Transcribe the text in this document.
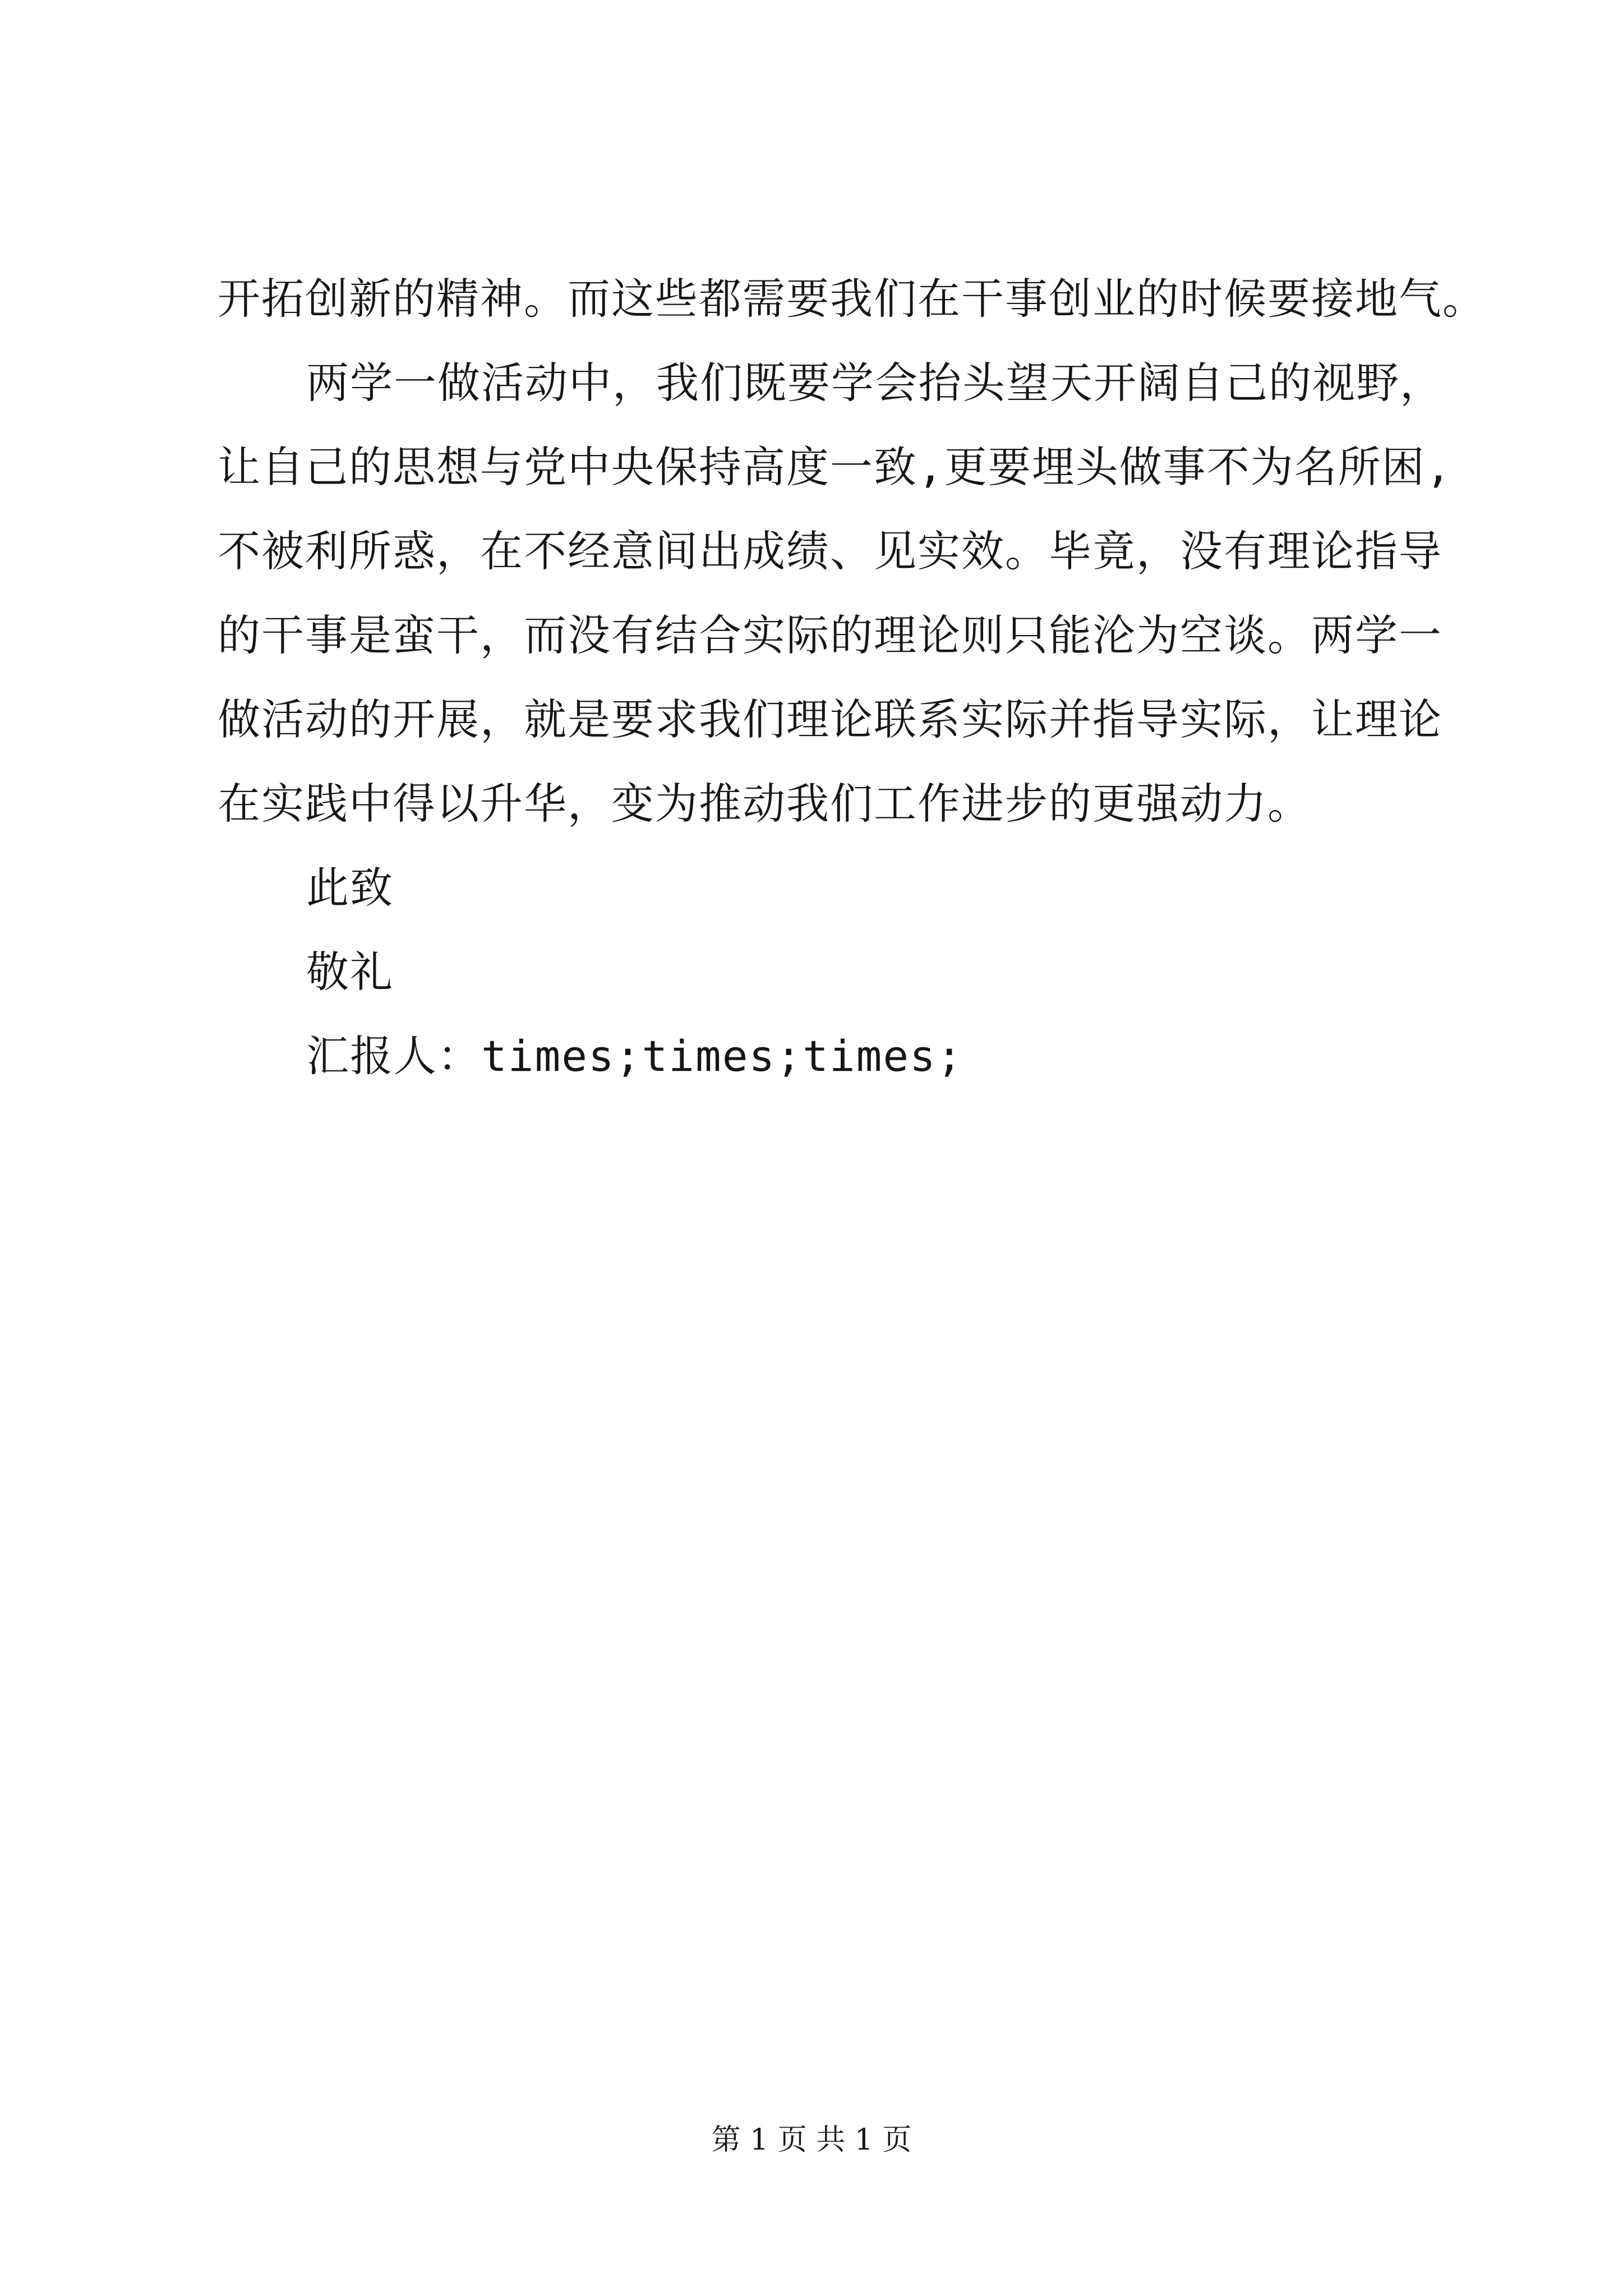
开拓创新的精神。而这些都需要我们在干事创业的时候要接地气。
两学一做活动中，我们既要学会抬头望天开阔自己的视野，
让自己的思想与党中央保持高度一致,更要埋头做事不为名所困,
不被利所惑，在不经意间出成绩、见实效。毕竟，没有理论指导
的干事是蛮干，而没有结合实际的理论则只能沦为空谈。两学一
做活动的开展，就是要求我们理论联系实际并指导实际，让理论
在实践中得以升华，变为推动我们工作进步的更强动力。
此致
敬礼
汇报人：times;times;times;
第 1 页 共 1 页
